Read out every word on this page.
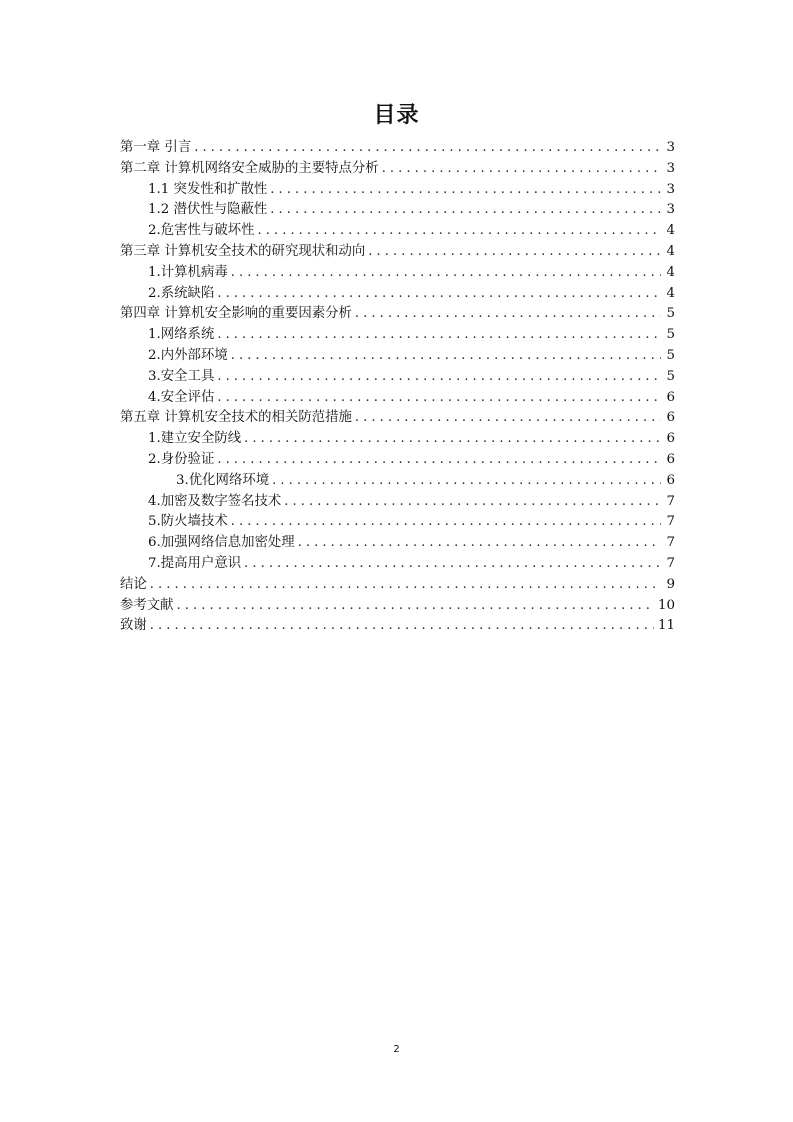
目录
第一章 引言 .....	3
第二章 计算机网络安全威胁的主要特点分析 .....	3
1.1 突发性和扩散性 .....	3
1.2 潜伏性与隐蔽性 .....	3
2.危害性与破坏性 .....	4
第三章 计算机安全技术的研究现状和动向 .....	4
1.计算机病毒 .....	4
2.系统缺陷 .....	4
第四章 计算机安全影响的重要因素分析 .....	5
1.网络系统 .....	5
2.内外部环境 .....	5
3.安全工具 .....	5
4.安全评估 .....	6
第五章 计算机安全技术的相关防范措施 .....	6
1.建立安全防线 .....	6
2.身份验证 .....	6
3.优化网络环境 .....	6
4.加密及数字签名技术 .....	7
5.防火墙技术 .....	7
6.加强网络信息加密处理 .....	7
7.提高用户意识 .....	7
结论 .....	9
参考文献 .....	10
致谢 .....	11
2
